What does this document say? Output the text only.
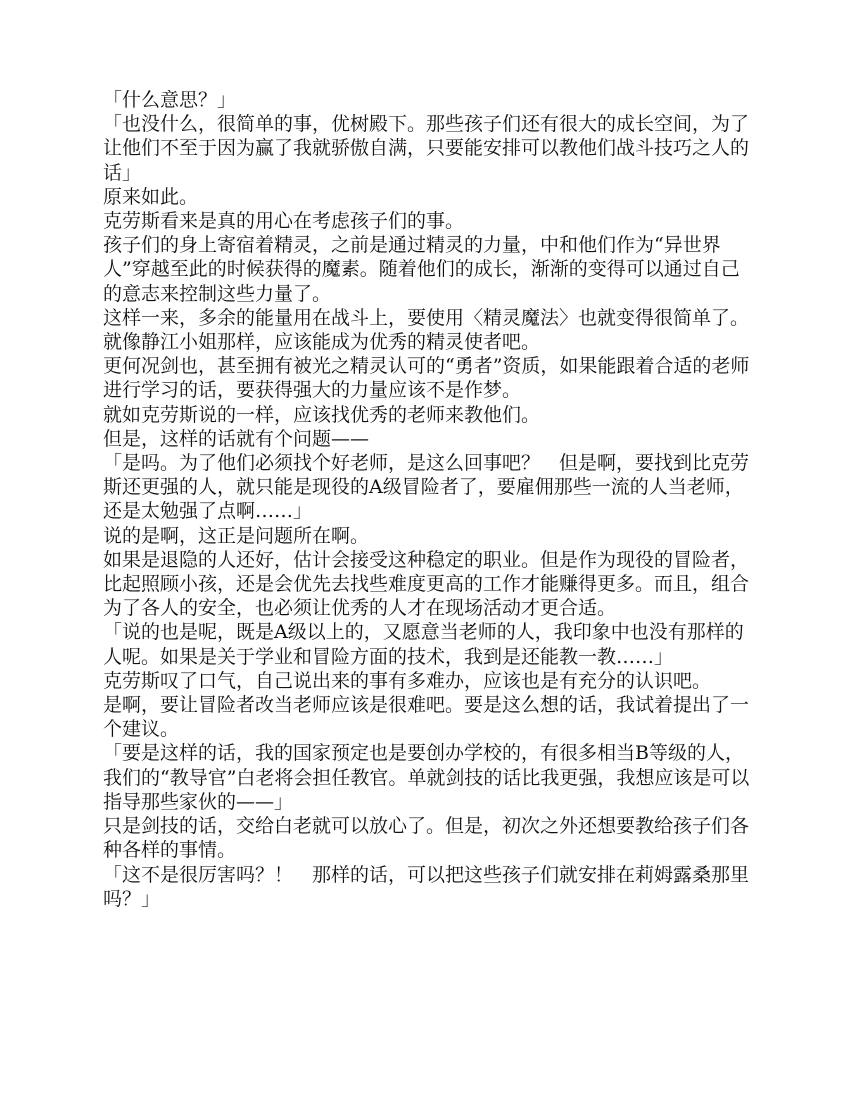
「什么意思？」

「也没什么，很简单的事，优树殿下。那些孩子们还有很大的成长空间，为了让他们不至于因为赢了我就骄傲自满，只要能安排可以教他们战斗技巧之人的话」

原来如此。

克劳斯看来是真的用心在考虑孩子们的事。

孩子们的身上寄宿着精灵，之前是通过精灵的力量，中和他们作为“异世界人”穿越至此的时候获得的魔素。随着他们的成长，渐渐的变得可以通过自己的意志来控制这些力量了。

这样一来，多余的能量用在战斗上，要使用〈精灵魔法〉也就变得很简单了。就像静江小姐那样，应该能成为优秀的精灵使者吧。

更何况剑也，甚至拥有被光之精灵认可的“勇者”资质，如果能跟着合适的老师进行学习的话，要获得强大的力量应该不是作梦。

就如克劳斯说的一样，应该找优秀的老师来教他们。

但是，这样的话就有个问题——

「是吗。为了他们必须找个好老师，是这么回事吧？　但是啊，要找到比克劳斯还更强的人，就只能是现役的A级冒险者了，要雇佣那些一流的人当老师，还是太勉强了点啊……」

说的是啊，这正是问题所在啊。

如果是退隐的人还好，估计会接受这种稳定的职业。但是作为现役的冒险者，比起照顾小孩，还是会优先去找些难度更高的工作才能赚得更多。而且，组合为了各人的安全，也必须让优秀的人才在现场活动才更合适。

「说的也是呢，既是A级以上的，又愿意当老师的人，我印象中也没有那样的人呢。如果是关于学业和冒险方面的技术，我到是还能教一教……」

克劳斯叹了口气，自己说出来的事有多难办，应该也是有充分的认识吧。

是啊，要让冒险者改当老师应该是很难吧。要是这么想的话，我试着提出了一个建议。

「要是这样的话，我的国家预定也是要创办学校的，有很多相当B等级的人，我们的“教导官”白老将会担任教官。单就剑技的话比我更强，我想应该是可以指导那些家伙的——」

只是剑技的话，交给白老就可以放心了。但是，初次之外还想要教给孩子们各种各样的事情。

「这不是很厉害吗？！　那样的话，可以把这些孩子们就安排在莉姆露桑那里吗？」
